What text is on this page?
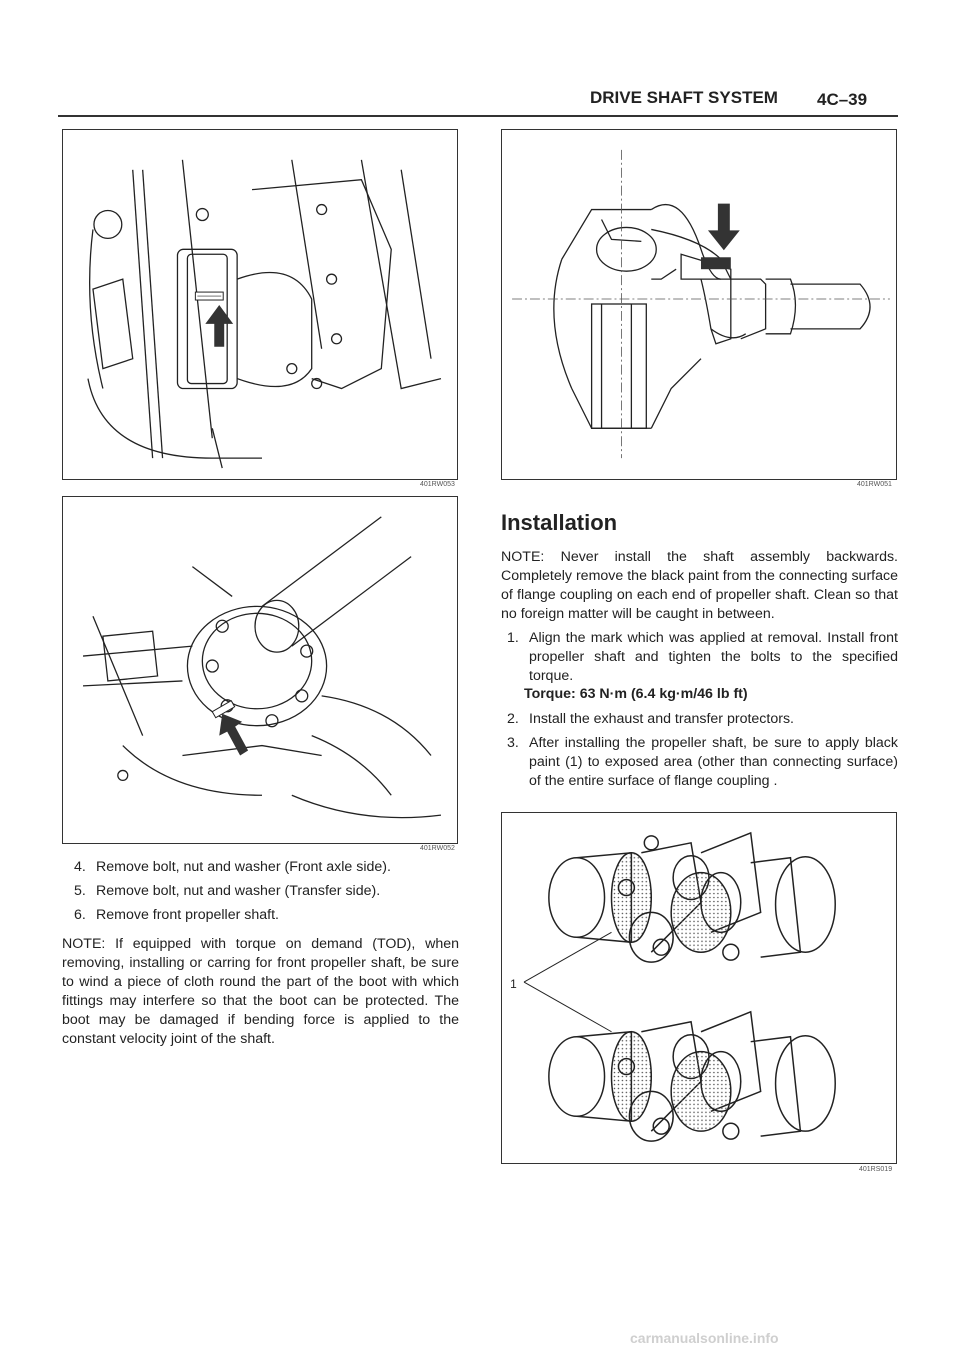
DRIVE SHAFT SYSTEM 4C–39
401RW053
401RW052
401RW051

4. Remove bolt, nut and washer (Front axle side).

5. Remove bolt, nut and washer (Transfer side).

6. Remove front propeller shaft.

NOTE: If equipped with torque on demand (TOD), when removing, installing or carring for front propeller shaft, be sure to wind a piece of cloth round the part of the boot with which fittings may interfere so that the boot can be protected. The boot may be damaged if bending force is applied to the constant velocity joint of the shaft.

Installation

NOTE: Never install the shaft assembly backwards. Completely remove the black paint from the connecting surface of flange coupling on each end of propeller shaft. Clean so that no foreign matter will be caught in between.

1. Align the mark which was applied at removal. Install front propeller shaft and tighten the bolts to the specified torque.

Torque: 63 N·m (6.4 kg·m/46 lb ft)

2. Install the exhaust and transfer protectors.

3. After installing the propeller shaft, be sure to apply black paint (1) to exposed area (other than connecting surface) of the entire surface of flange coupling .

1
401RS019
carmanualsonline.info
